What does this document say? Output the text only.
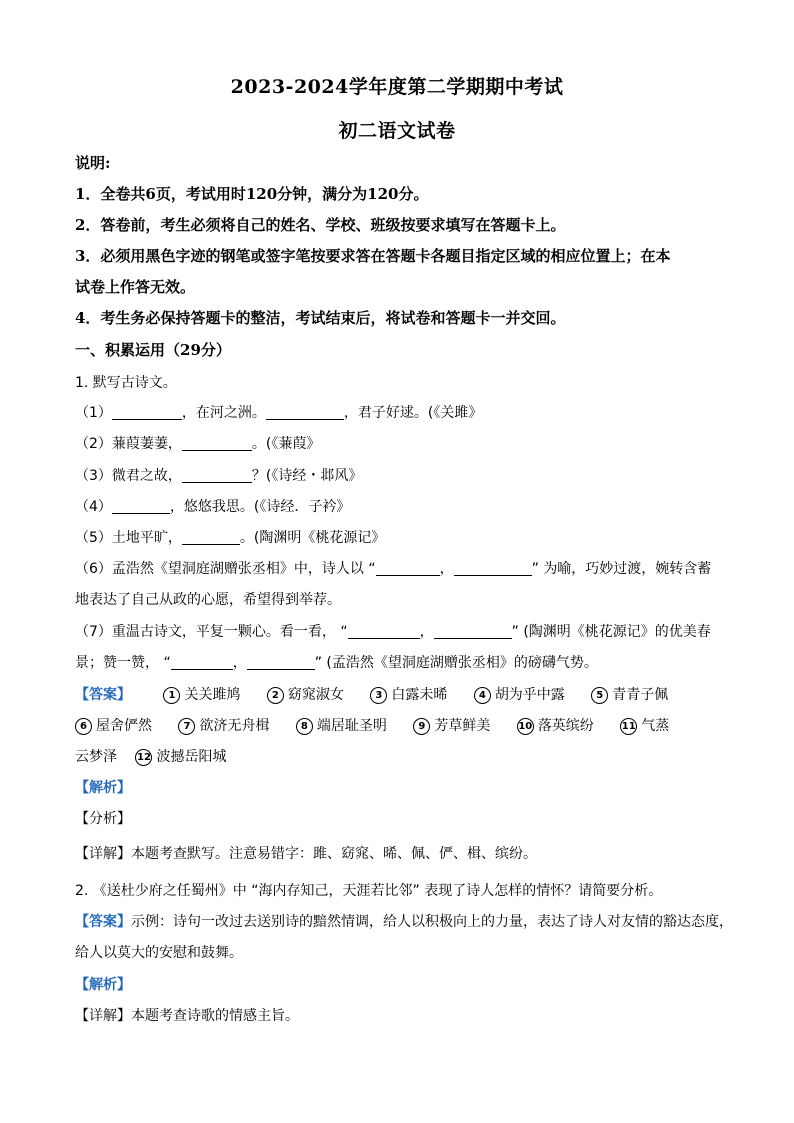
2023-2024学年度第二学期期中考试
初二语文试卷
说明:
1．全卷共6页，考试用时120分钟，满分为120分。
2．答卷前，考生必须将自己的姓名、学校、班级按要求填写在答题卡上。
3．必须用黑色字迹的钢笔或签字笔按要求答在答题卡各题目指定区域的相应位置上；在本
试卷上作答无效。
4．考生务必保持答题卡的整洁，考试结束后，将试卷和答题卡一并交回。
一、积累运用（29分）
1. 默写古诗文。
（1）	，在河之洲。	，君子好逑。(《关雎》
（2）蒹葭萋萋，	。(《蒹葭》
（3）微君之故，	？(《诗经・邶风》
（4）	，悠悠我思。(《诗经．子衿》
（5）土地平旷，	。(陶渊明《桃花源记》
（6）孟浩然《望洞庭湖赠张丞相》中，诗人以 “	，	” 为喻，巧妙过渡，婉转含蓄
地表达了自己从政的心愿，希望得到举荐。
（7）重温古诗文，平复一颗心。看一看， “	，	” (陶渊明《桃花源记》的优美春
景；赞一赞， “	，	” (孟浩然《望洞庭湖赠张丞相》的磅礴气势。
【答案】	1 关关雎鸠	2 窈窕淑女	3 白露未晞	4 胡为乎中露	5 青青子佩
6 屋舍俨然	7 欲济无舟楫	8 端居耻圣明	9 芳草鲜美	10 落英缤纷	11 气蒸
云梦泽 12 波撼岳阳城
【解析】
【分析】
【详解】本题考查默写。注意易错字：雎、窈窕、晞、佩、俨、楫、缤纷。
2. 《送杜少府之任蜀州》中 “海内存知己，天涯若比邻” 表现了诗人怎样的情怀？请简要分析。
【答案】示例：诗句一改过去送别诗的黯然情调，给人以积极向上的力量，表达了诗人对友情的豁达态度，
给人以莫大的安慰和鼓舞。
【解析】
【详解】本题考查诗歌的情感主旨。
